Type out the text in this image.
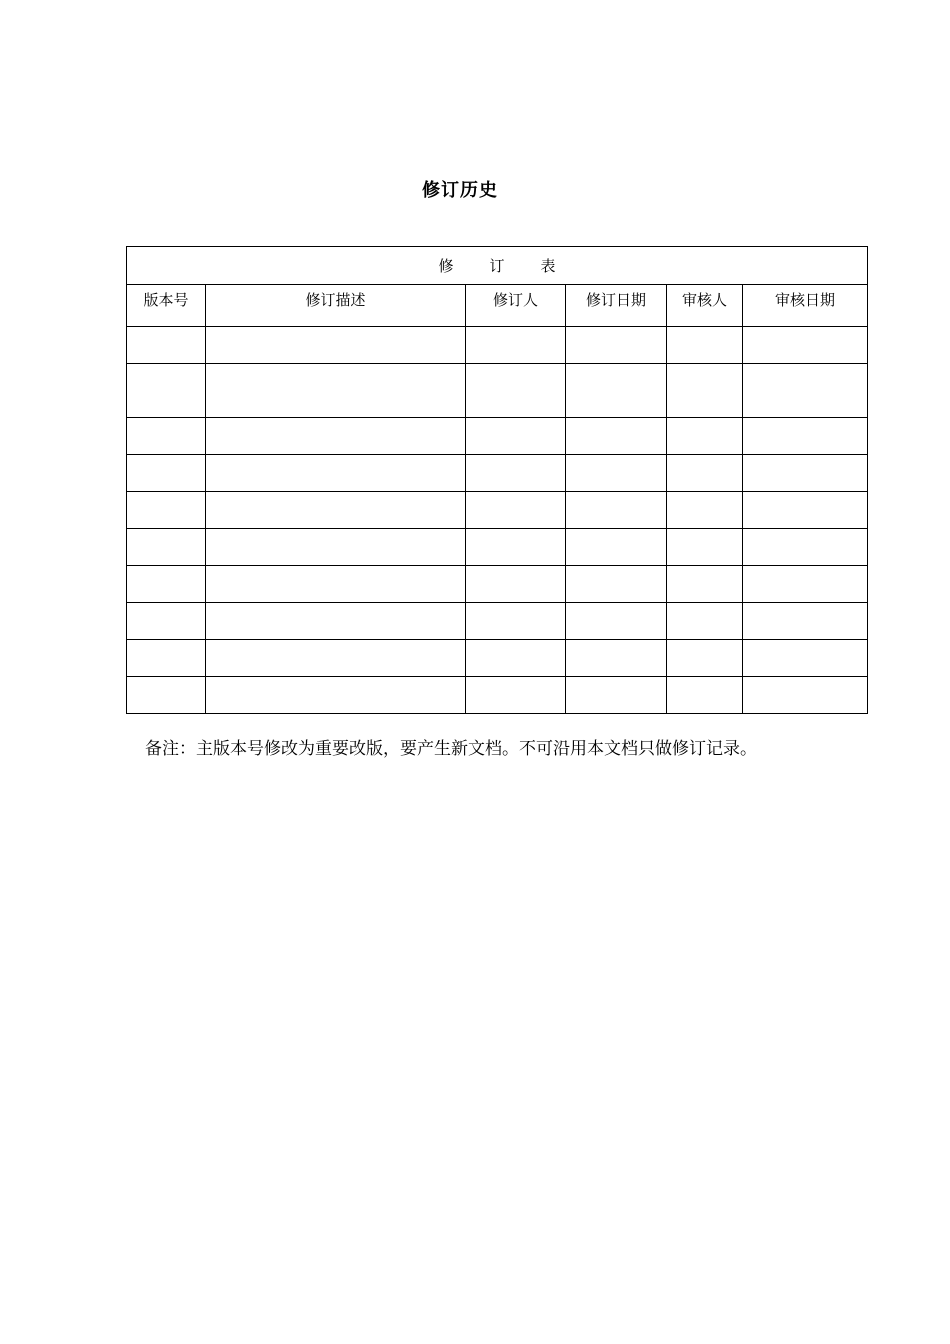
修订历史
修 订 表					
版本号	修订描述	修订人	修订日期	审核人	审核日期

备注：主版本号修改为重要改版，要产生新文档。不可沿用本文档只做修订记录。
